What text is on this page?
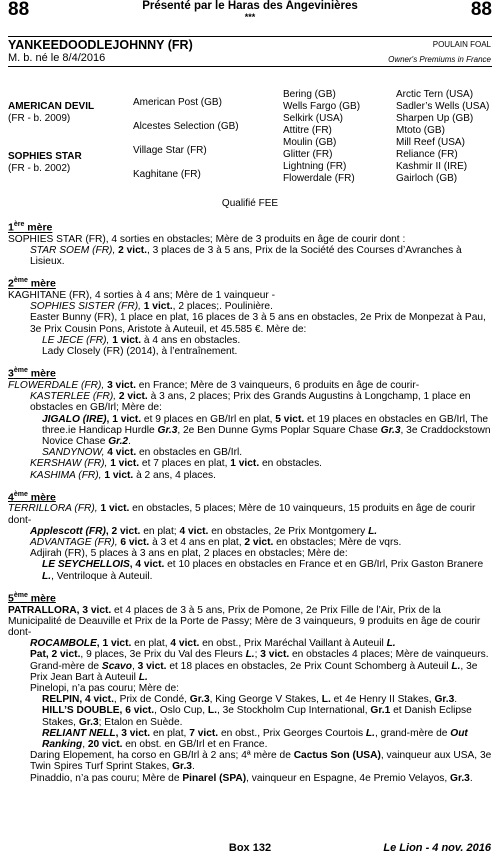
88	Présenté par le Haras des Angevinières
***	88
YANKEEDOODLEJOHNNY (FR)	POULAIN FOAL
M. b. né le 8/4/2016	Owner's Premiums in France
AMERICAN DEVIL
(FR - b. 2009)
SOPHIES STAR
(FR - b. 2002)
American Post (GB)
Alcestes Selection (GB)
Village Star (FR)
Kaghitane (FR)
Bering (GB)
Wells Fargo (GB)
Selkirk (USA)
Attitre (FR)
Moulin (GB)
Glitter (FR)
Lightning (FR)
Flowerdale (FR)
Arctic Tern (USA)
Sadler’s Wells (USA)
Sharpen Up (GB)
Mtoto (GB)
Mill Reef (USA)
Reliance (FR)
Kashmir II (IRE)
Gairloch (GB)
Qualifié FEE
1ère mère

SOPHIES STAR (FR), 4 sorties en obstacles; Mère de 3 produits en âge de courir dont :

STAR SOEM (FR), 2 vict., 3 places de 3 à 5 ans, Prix de la Société des Courses d’Avranches à Lisieux.

2ème mère

KAGHITANE (FR), 4 sorties à 4 ans; Mère de 1 vainqueur -

SOPHIES SISTER (FR), 1 vict., 2 places;. Poulinière.

Easter Bunny (FR), 1 place en plat, 16 places de 3 à 5 ans en obstacles, 2e Prix de Monpezat à Pau, 3e Prix Cousin Pons, Aristote à Auteuil, et 45.585 €. Mère de:

LE JECE (FR), 1 vict. à 4 ans en obstacles.

Lady Closely (FR) (2014), à l’entraînement.

3ème mère

FLOWERDALE (FR), 3 vict. en France; Mère de 3 vainqueurs, 6 produits en âge de courir-

KASTERLEE (FR), 2 vict. à 3 ans, 2 places; Prix des Grands Augustins à Longchamp, 1 place en obstacles en GB/Irl; Mère de:

JIGALO (IRE), 1 vict. et 9 places en GB/Irl en plat, 5 vict. et 19 places en obstacles en GB/Irl, The three.ie Handicap Hurdle Gr.3, 2e Ben Dunne Gyms Poplar Square Chase Gr.3, 3e Craddockstown Novice Chase Gr.2.

SANDYNOW, 4 vict. en obstacles en GB/Irl.

KERSHAW (FR), 1 vict. et 7 places en plat, 1 vict. en obstacles.

KASHIMA (FR), 1 vict. à 2 ans, 4 places.

4ème mère

TERRILLORA (FR), 1 vict. en obstacles, 5 places; Mère de 10 vainqueurs, 15 produits en âge de courir dont-

Applescott (FR), 2 vict. en plat; 4 vict. en obstacles, 2e Prix Montgomery L.

ADVANTAGE (FR), 6 vict. à 3 et 4 ans en plat, 2 vict. en obstacles; Mère de vqrs.

Adjirah (FR), 5 places à 3 ans en plat, 2 places en obstacles; Mère de:

LE SEYCHELLOIS, 4 vict. et 10 places en obstacles en France et en GB/Irl, Prix Gaston Branere L., Ventriloque à Auteuil.

5ème mère

PATRALLORA, 3 vict. et 4 places de 3 à 5 ans, Prix de Pomone, 2e Prix Fille de l’Air, Prix de la Municipalité de Deauville et Prix de la Porte de Passy; Mère de 3 vainqueurs, 9 produits en âge de courir dont-

ROCAMBOLE, 1 vict. en plat, 4 vict. en obst., Prix Maréchal Vaillant à Auteuil L.

Pat, 2 vict., 9 places, 3e Prix du Val des Fleurs L.; 3 vict. en obstacles 4 places; Mère de vainqueurs. Grand-mère de Scavo, 3 vict. et 18 places en obstacles, 2e Prix Count Schomberg à Auteuil L., 3e Prix Jean Bart à Auteuil L.

Pinelopi, n’a pas couru; Mère de:

RELPIN, 4 vict., Prix de Condé, Gr.3, King George V Stakes, L. et 4e Henry II Stakes, Gr.3.

HILL’S DOUBLE, 6 vict., Oslo Cup, L., 3e Stockholm Cup International, Gr.1 et Danish Eclipse Stakes, Gr.3; Etalon en Suède.

RELIANT NELL, 3 vict. en plat, 7 vict. en obst., Prix Georges Courtois L., grand-mère de Out Ranking, 20 vict. en obst. en GB/Irl et en France.

Daring Elopement, ha corso en GB/Irl à 2 ans; 4ª mère de Cactus Son (USA), vainqueur aux USA, 3e Twin Spires Turf Sprint Stakes, Gr.3.

Pinaddio, n’a pas couru; Mère de Pinarel (SPA), vainqueur en Espagne, 4e Premio Velayos, Gr.3.

Box 132	Le Lion - 4 nov. 2016
